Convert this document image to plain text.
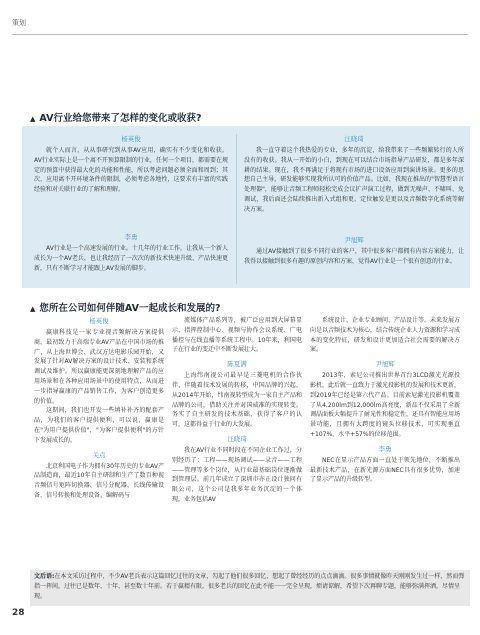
策划
▲ AV行业给您带来了怎样的变化或收获?
杨英俊
就个人而言，从从事研究到从事AV应用，确实有不少变化和收获。AV行业实际上是一个离不开预算限制的行业，任何一个项目，都需要在规定的预算中获得最大化的功能和性能，所以考虑问题必须全面和周到；其次，应用离不开环境条件的限制，必须考虑各地性，这要求有丰富的实践经验和对关联行业的了解和理解。
李勇
AV行业是一个高速发展的行业。十几年的行业工作，让我从一个新人成长为一个AV老兵，也让我经历了一次次的新技术快速升级、产品快速更新，只有不断学习才能跟上AV发展的脚步。
汪晓琦
我一直守着这个我热爱的专业，多年的沉淀，给我带来了一些频繁转行的人所没有的收获。我从一开始的小白，到现在可以结合市场指导产品研发，都是多年深耕的结果。现在，我不再满足于将现有市场的进口设备应用到演讲场景。更多的思想自己主导，研发能够实现我所认可的价值产品。比如，我现在推出的"智慧型语言处理器"，能够让音频工程师轻松完成会议扩声演工过程，做到无噪声、不啸叫、免调试，我后面还会陆续推出新入式组和更、定位触发是更以及音频数字化系统等解决方案。
尹旭辉
通过AV接触到了很多不同行业的客户，其中很多客户都拥有内容方案能力，让我得以接触到很多有趣的原创内容和方案，觉得AV行业是一个很有创意的行业。
▲ 您所在公司如何伴随AV一起成长和发展的?
杨英俊
赢康科技是一家专业视音频解决方案提供商，最初致力于高端专业AV产品在中国市场的推广，从上海世博会、武汉方达电影乐园开始，又发展了针对AV解决方案的设计技术、安装和系统调试及维护。所以赢康能更深刻地理解产品的应用场景和在各种应用场景中的使用特点，从而进一步指导赢康的产品销售工作，为客户创造更多的价值。
这期间，我们也开发一些填补补齐的配套产品，为我们的客户提供便利，可以说，赢康是在"为用户提供价值"，"为客户提供便利"的方针下发展成长的。
关点
北京利国电子作为拥有30年历史的专业AV产品制造商，最近10年自主研制和生产了数百种视音频信号矩阵切换器、信号分配器、长线传输设备、信号转换和处理设备、编解码与
流媒体产品系列等，被广泛应用到大屏幕显示、指挥控制中心、视频与协作会议系统、广电播控与在线直播等系统工程中。10年来，利国电子在行业的变迁中不断发展壮大。
陈夏满
上海纬南视公司最早是三菱电机的合作伙伴，伴随着技术发展的转移，中国品牌的兴起，从2014年开始，纬南视转型成为一家自主产品和品牌的公司，借助关注并对国威准的实现转变。务实了自主研发的技术基础，获得了客户的认可，这都得益于行业的大发展。
汪晓琦
我在AV行业不同时段在不同企业工作过，分别经历了：工程——现场调试——录音——工程——管理等多个岗位，从行业最基础岗位逐渐做到管理层。前几年成立了深圳市亦正设计独问有限公司，这个公司是我多年业务沉淀的一个体现，业务包括AV
系统设计、企业专业顾问、产品设计等。未来发展方向是以音频技术为核心，结合传统企业人力资源和学习成本的变化特征，研发和设计更加适合社会需要的解决方案。
尹旭辉
2013年，索尼公司推出世界首台3LCD激光光源投影机，此后就一直致力于激光投影机的发展和技术更新，到2019年已经是第六代产品。目前索尼激光投影机覆盖了从4,200lm到12,000lm高亮度，新品不仅采用了全新调晶面板大幅提升了耐光性和稳定性，还具有智能应用场景功能，且拥有大跨度的镜头位移技术，可实现垂直+107%，水平+57%的位移范围。
李勇
NEC在显示产品方面一直处于领先地位，不断推出最新技术产品，在新光源方面NEC具有很多优势，加速了显示产品的升级转型。
文后语:在本文采访过程中，不少AV老兵表示这篇回忆过往的文章，勾起了他们很多回忆，想起了曾经经历的点点滴滴。很多事情就像昨天刚刚发生过一样，然而弹指一挥间，过往已是数年、十年、甚至数十年前。若于赢精有限，很多老兵的回忆在此不能一一完全呈现，烦请谅解，希望下次再聊专题，能够弥满挥洒，尽情呈现。
28
